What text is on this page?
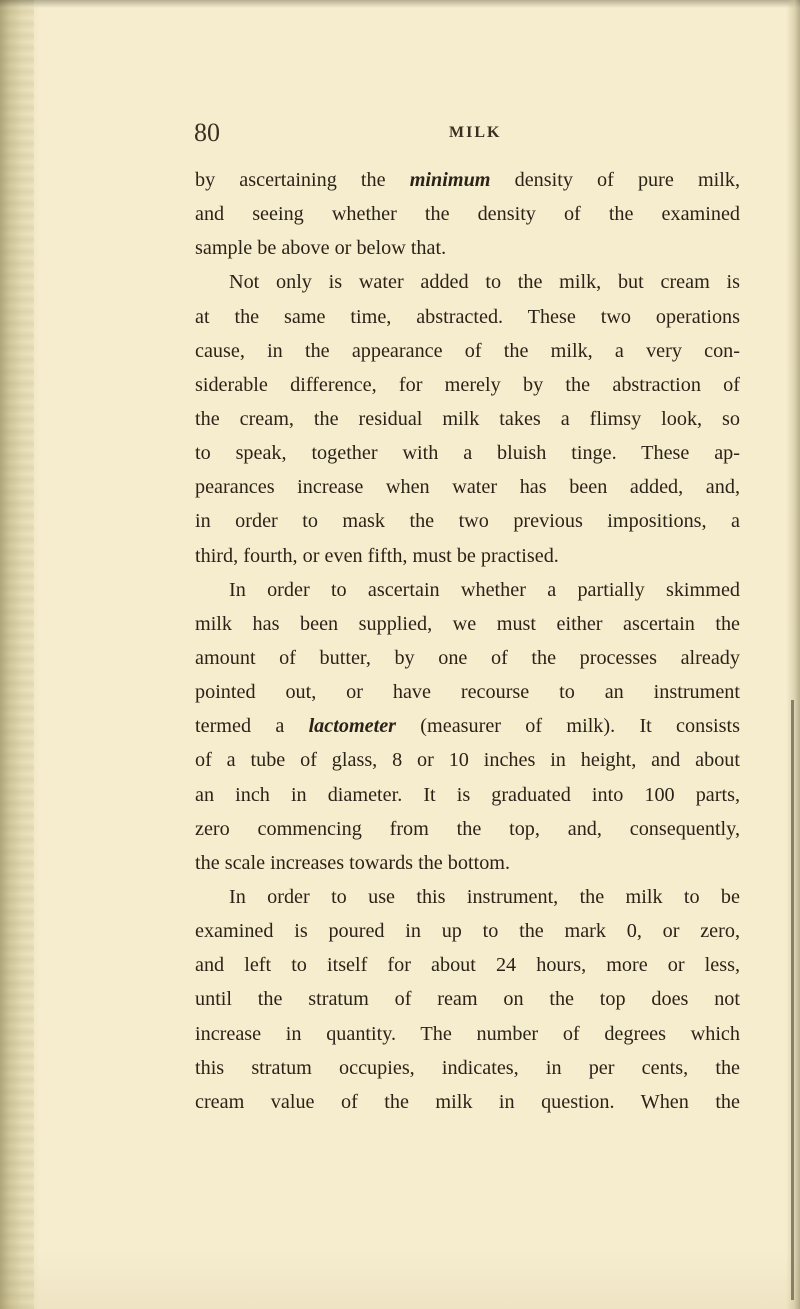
80	MILK
by ascertaining the minimum density of pure milk,
and seeing whether the density of the examined
sample be above or below that.
Not only is water added to the milk, but cream is
at the same time, abstracted. These two operations
cause, in the appearance of the milk, a very con-
siderable difference, for merely by the abstraction of
the cream, the residual milk takes a flimsy look, so
to speak, together with a bluish tinge. These ap-
pearances increase when water has been added, and,
in order to mask the two previous impositions, a
third, fourth, or even fifth, must be practised.
In order to ascertain whether a partially skimmed
milk has been supplied, we must either ascertain the
amount of butter, by one of the processes already
pointed out, or have recourse to an instrument
termed a lactometer (measurer of milk). It consists
of a tube of glass, 8 or 10 inches in height, and about
an inch in diameter. It is graduated into 100 parts,
zero commencing from the top, and, consequently,
the scale increases towards the bottom.
In order to use this instrument, the milk to be
examined is poured in up to the mark 0, or zero,
and left to itself for about 24 hours, more or less,
until the stratum of ream on the top does not
increase in quantity. The number of degrees which
this stratum occupies, indicates, in per cents, the
cream value of the milk in question. When the
